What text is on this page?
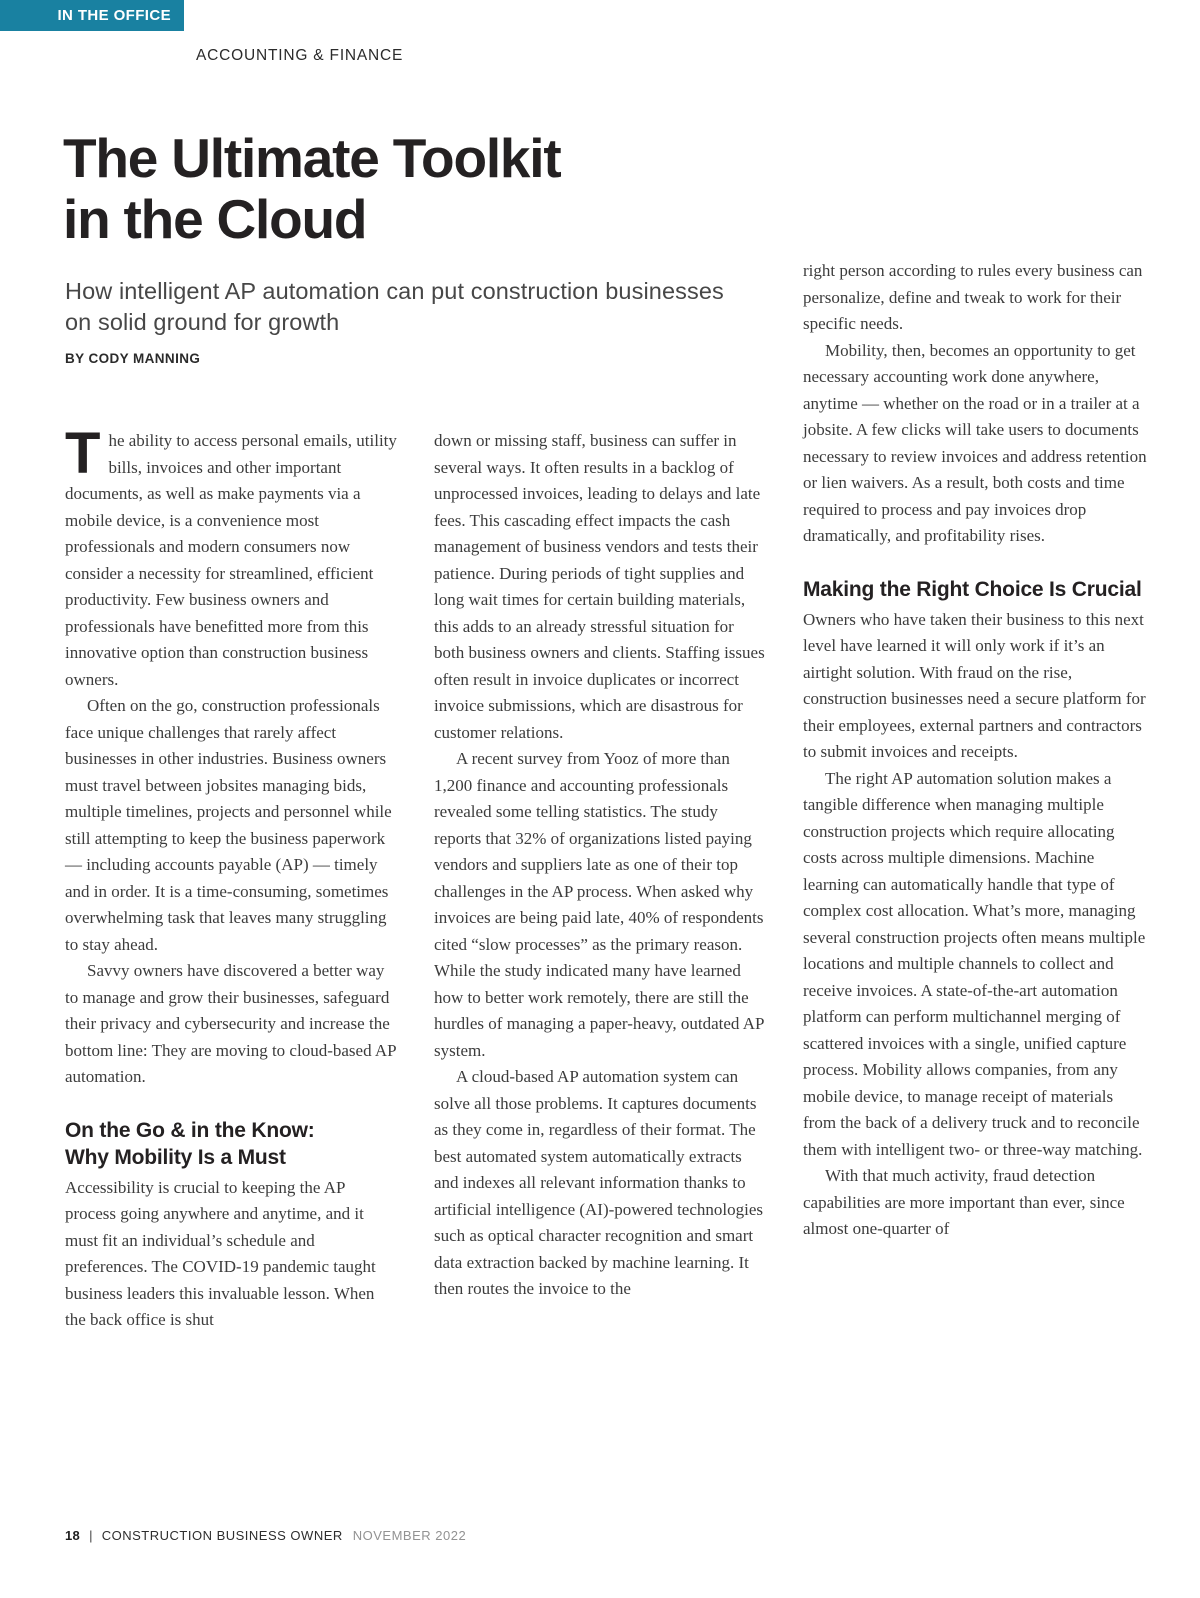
IN THE OFFICE
ACCOUNTING & FINANCE
The Ultimate Toolkit
in the Cloud

How intelligent AP automation can put construction businesses on solid ground for growth

BY CODY MANNING

The ability to access personal emails, utility bills, invoices and other important documents, as well as make payments via a mobile device, is a convenience most professionals and modern consumers now consider a necessity for streamlined, efficient productivity. Few business owners and professionals have benefitted more from this innovative option than construction business owners.

Often on the go, construction professionals face unique challenges that rarely affect businesses in other industries. Business owners must travel between jobsites managing bids, multiple timelines, projects and personnel while still attempting to keep the business paperwork — including accounts payable (AP) — timely and in order. It is a time-consuming, sometimes overwhelming task that leaves many struggling to stay ahead.

Savvy owners have discovered a better way to manage and grow their businesses, safeguard their privacy and cybersecurity and increase the bottom line: They are moving to cloud-based AP automation.

On the Go & in the Know:
Why Mobility Is a Must

Accessibility is crucial to keeping the AP process going anywhere and anytime, and it must fit an individual’s schedule and preferences. The COVID-19 pandemic taught business leaders this invaluable lesson. When the back office is shut

down or missing staff, business can suffer in several ways. It often results in a backlog of unprocessed invoices, leading to delays and late fees. This cascading effect impacts the cash management of business vendors and tests their patience. During periods of tight supplies and long wait times for certain building materials, this adds to an already stressful situation for both business owners and clients. Staffing issues often result in invoice duplicates or incorrect invoice submissions, which are disastrous for customer relations.

A recent survey from Yooz of more than 1,200 finance and accounting professionals revealed some telling statistics. The study reports that 32% of organizations listed paying vendors and suppliers late as one of their top challenges in the AP process. When asked why invoices are being paid late, 40% of respondents cited “slow processes” as the primary reason. While the study indicated many have learned how to better work remotely, there are still the hurdles of managing a paper-heavy, outdated AP system.

A cloud-based AP automation system can solve all those problems. It captures documents as they come in, regardless of their format. The best automated system automatically extracts and indexes all relevant information thanks to artificial intelligence (AI)-powered technologies such as optical character recognition and smart data extraction backed by machine learning. It then routes the invoice to the

right person according to rules every business can personalize, define and tweak to work for their specific needs.

Mobility, then, becomes an opportunity to get necessary accounting work done anywhere, anytime — whether on the road or in a trailer at a jobsite. A few clicks will take users to documents necessary to review invoices and address retention or lien waivers. As a result, both costs and time required to process and pay invoices drop dramatically, and profitability rises.

Making the Right Choice Is Crucial

Owners who have taken their business to this next level have learned it will only work if it’s an airtight solution. With fraud on the rise, construction businesses need a secure platform for their employees, external partners and contractors to submit invoices and receipts.

The right AP automation solution makes a tangible difference when managing multiple construction projects which require allocating costs across multiple dimensions. Machine learning can automatically handle that type of complex cost allocation. What’s more, managing several construction projects often means multiple locations and multiple channels to collect and receive invoices. A state-of-the-art automation platform can perform multichannel merging of scattered invoices with a single, unified capture process. Mobility allows companies, from any mobile device, to manage receipt of materials from the back of a delivery truck and to reconcile them with intelligent two- or three-way matching.

With that much activity, fraud detection capabilities are more important than ever, since almost one-quarter of

18 | CONSTRUCTION BUSINESS OWNER NOVEMBER 2022
